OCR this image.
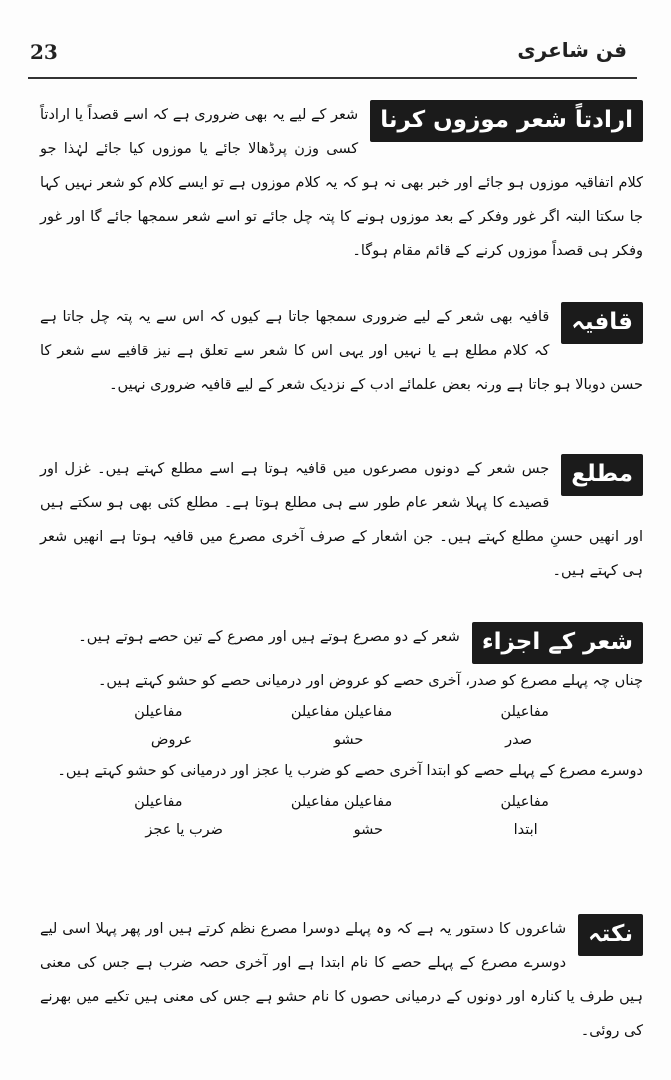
23	فن شاعری
ارادتاً شعر موزوں کرنا

شعر کے لیے یہ بھی ضروری ہے کہ اسے قصداً یا ارادتاً کسی وزن پرڈھالا جائے یا موزوں کیا جائے لہٰذا جو کلام اتفاقیہ موزوں ہو جائے اور خبر بھی نہ ہو کہ یہ کلام موزوں ہے تو ایسے کلام کو شعر نہیں کہا جا سکتا البتہ اگر غور وفکر کے بعد موزوں ہونے کا پتہ چل جائے تو اسے شعر سمجھا جائے گا اور غور وفکر ہی قصداً موزوں کرنے کے قائم مقام ہوگا۔

قافیہ

قافیہ بھی شعر کے لیے ضروری سمجھا جاتا ہے کیوں کہ اس سے یہ پتہ چل جاتا ہے کہ کلام مطلع ہے یا نہیں اور یہی اس کا شعر سے تعلق ہے نیز قافیے سے شعر کا حسن دوبالا ہو جاتا ہے ورنہ بعض علمائے ادب کے نزدیک شعر کے لیے قافیہ ضروری نہیں۔

مطلع

جس شعر کے دونوں مصرعوں میں قافیہ ہوتا ہے اسے مطلع کہتے ہیں۔ غزل اور قصیدے کا پہلا شعر عام طور سے ہی مطلع ہوتا ہے۔ مطلع کئی بھی ہو سکتے ہیں اور انھیں حسنِ مطلع کہتے ہیں۔ جن اشعار کے صرف آخری مصرع میں قافیہ ہوتا ہے انھیں شعر ہی کہتے ہیں۔

شعر کے اجزاء

شعر کے دو مصرع ہوتے ہیں اور مصرع کے تین حصے ہوتے ہیں۔

چناں چہ پہلے مصرع کو صدر، آخری حصے کو عروض اور درمیانی حصے کو حشو کہتے ہیں۔

مفاعیلن
مفاعیلن مفاعیلن
مفاعیلن
صدر
حشو
عروض

دوسرے مصرع کے پہلے حصے کو ابتدا آخری حصے کو ضرب یا عجز اور درمیانی کو حشو کہتے ہیں۔

مفاعیلن
مفاعیلن مفاعیلن
مفاعیلن
ابتدا
حشو
ضرب یا عجز
نکتہ

شاعروں کا دستور یہ ہے کہ وہ پہلے دوسرا مصرع نظم کرتے ہیں اور پھر پہلا اسی لیے دوسرے مصرع کے پہلے حصے کا نام ابتدا ہے اور آخری حصہ ضرب ہے جس کی معنی ہیں طرف یا کنارہ اور دونوں کے درمیانی حصوں کا نام حشو ہے جس کی معنی ہیں تکیے میں بھرنے کی روئی۔
